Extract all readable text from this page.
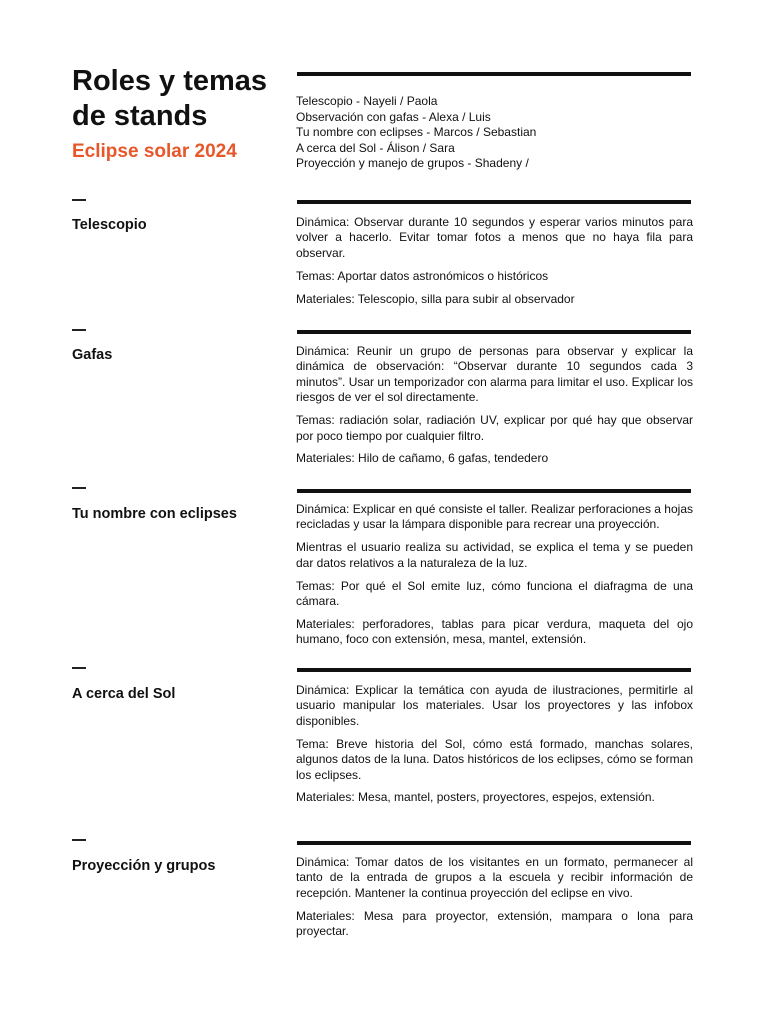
Roles y temas de stands
Eclipse solar 2024
Telescopio - Nayeli / Paola
Observación con gafas - Alexa / Luis
Tu nombre con eclipses - Marcos / Sebastian
A cerca del Sol - Álison / Sara
Proyección y manejo de grupos - Shadeny /
Telescopio	Dinámica: Observar durante 10 segundos y esperar varios minutos para volver a hacerlo. Evitar tomar fotos a menos que no haya fila para observar.

Temas: Aportar datos astronómicos o históricos

Materiales: Telescopio, silla para subir al observador

Gafas	Dinámica: Reunir un grupo de personas para observar y explicar la dinámica de observación: “Observar durante 10 segundos cada 3 minutos”. Usar un temporizador con alarma para limitar el uso. Explicar los riesgos de ver el sol directamente.

Temas: radiación solar, radiación UV, explicar por qué hay que observar por poco tiempo por cualquier filtro.

Materiales: Hilo de cañamo, 6 gafas, tendedero

Tu nombre con eclipses	Dinámica: Explicar en qué consiste el taller. Realizar perforaciones a hojas recicladas y usar la lámpara disponible para recrear una proyección.

Mientras el usuario realiza su actividad, se explica el tema y se pueden dar datos relativos a la naturaleza de la luz.

Temas: Por qué el Sol emite luz, cómo funciona el diafragma de una cámara.

Materiales: perforadores, tablas para picar verdura, maqueta del ojo humano, foco con extensión, mesa, mantel, extensión.

A cerca del Sol	Dinámica: Explicar la temática con ayuda de ilustraciones, permitirle al usuario manipular los materiales. Usar los proyectores y las infobox disponibles.

Tema: Breve historia del Sol, cómo está formado, manchas solares, algunos datos de la luna. Datos históricos de los eclipses, cómo se forman los eclipses.

Materiales: Mesa, mantel, posters, proyectores, espejos, extensión.

Proyección y grupos	Dinámica: Tomar datos de los visitantes en un formato, permanecer al tanto de la entrada de grupos a la escuela y recibir información de recepción. Mantener la continua proyección del eclipse en vivo.

Materiales: Mesa para proyector, extensión, mampara o lona para proyectar.
